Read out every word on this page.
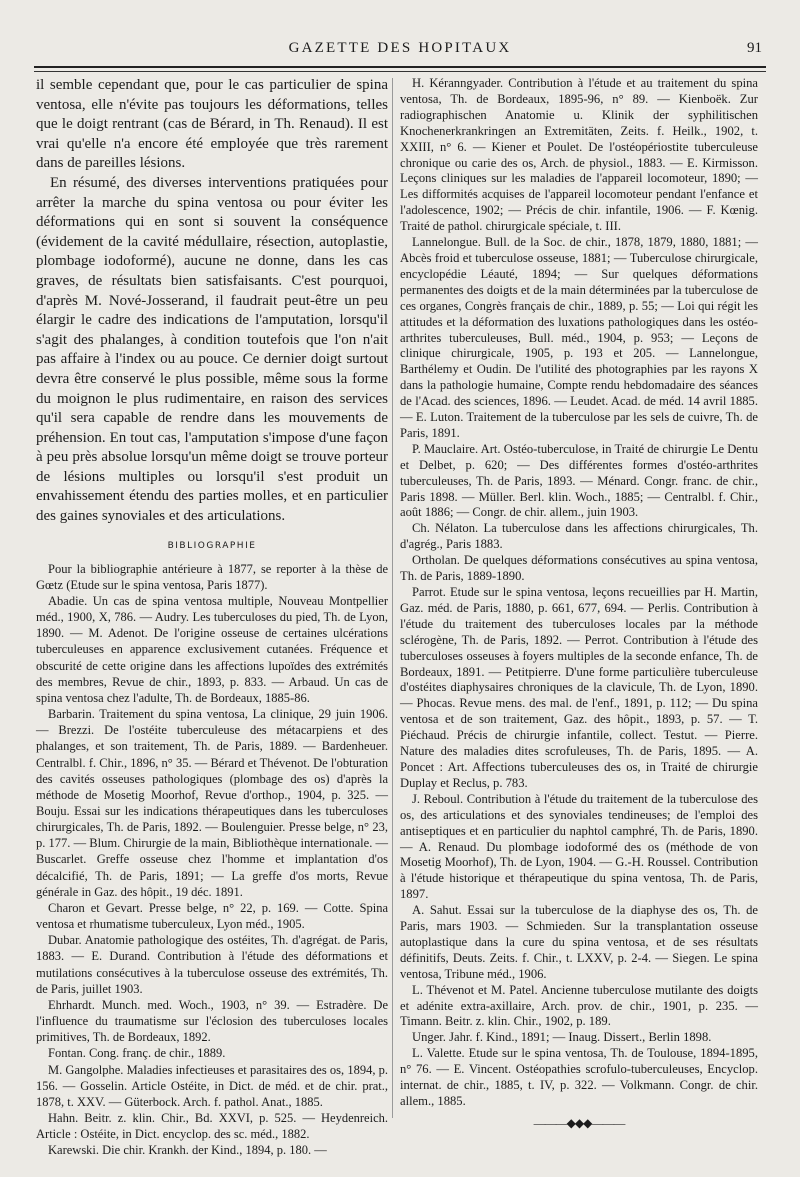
GAZETTE DES HOPITAUX	91

il semble cependant que, pour le cas particulier de spina ventosa, elle n'évite pas toujours les déformations, telles que le doigt rentrant (cas de Bérard, in Th. Renaud). Il est vrai qu'elle n'a encore été employée que très rarement dans de pareilles lésions.

En résumé, des diverses interventions pratiquées pour arrêter la marche du spina ventosa ou pour éviter les déformations qui en sont si souvent la conséquence (évidement de la cavité médullaire, résection, autoplastie, plombage iodoformé), aucune ne donne, dans les cas graves, de résultats bien satisfaisants. C'est pourquoi, d'après M. Nové-Josserand, il faudrait peut-être un peu élargir le cadre des indications de l'amputation, lorsqu'il s'agit des phalanges, à condition toutefois que l'on n'ait pas affaire à l'index ou au pouce. Ce dernier doigt surtout devra être conservé le plus possible, même sous la forme du moignon le plus rudimentaire, en raison des services qu'il sera capable de rendre dans les mouvements de préhension. En tout cas, l'amputation s'impose d'une façon à peu près absolue lorsqu'un même doigt se trouve porteur de lésions multiples ou lorsqu'il s'est produit un envahissement étendu des parties molles, et en particulier des gaines synoviales et des articulations.

BIBLIOGRAPHIE

Pour la bibliographie antérieure à 1877, se reporter à la thèse de Gœtz (Etude sur le spina ventosa, Paris 1877).

Abadie. Un cas de spina ventosa multiple, Nouveau Montpellier méd., 1900, X, 786. — Audry. Les tuberculoses du pied, Th. de Lyon, 1890. — M. Adenot. De l'origine osseuse de certaines ulcérations tuberculeuses en apparence exclusivement cutanées. Fréquence et obscurité de cette origine dans les affections lupoïdes des extrémités des membres, Revue de chir., 1893, p. 833. — Arbaud. Un cas de spina ventosa chez l'adulte, Th. de Bordeaux, 1885-86.

Barbarin. Traitement du spina ventosa, La clinique, 29 juin 1906. — Brezzi. De l'ostéite tuberculeuse des métacarpiens et des phalanges, et son traitement, Th. de Paris, 1889. — Bardenheuer. Centralbl. f. Chir., 1896, n° 35. — Bérard et Thévenot. De l'obturation des cavités osseuses pathologiques (plombage des os) d'après la méthode de Mosetig Moorhof, Revue d'orthop., 1904, p. 325. — Bouju. Essai sur les indications thérapeutiques dans les tuberculoses chirurgicales, Th. de Paris, 1892. — Boulenguier. Presse belge, n° 23, p. 177. — Blum. Chirurgie de la main, Bibliothèque internationale. — Buscarlet. Greffe osseuse chez l'homme et implantation d'os décalcifié, Th. de Paris, 1891; — La greffe d'os morts, Revue générale in Gaz. des hôpit., 19 déc. 1891.

Charon et Gevart. Presse belge, n° 22, p. 169. — Cotte. Spina ventosa et rhumatisme tuberculeux, Lyon méd., 1905.

Dubar. Anatomie pathologique des ostéites, Th. d'agrégat. de Paris, 1883. — E. Durand. Contribution à l'étude des déformations et mutilations consécutives à la tuberculose osseuse des extrémités, Th. de Paris, juillet 1903.

Ehrhardt. Munch. med. Woch., 1903, n° 39. — Estradère. De l'influence du traumatisme sur l'éclosion des tuberculoses locales primitives, Th. de Bordeaux, 1892.

Fontan. Cong. franç. de chir., 1889.

M. Gangolphe. Maladies infectieuses et parasitaires des os, 1894, p. 156. — Gosselin. Article Ostéite, in Dict. de méd. et de chir. prat., 1878, t. XXV. — Güterbock. Arch. f. pathol. Anat., 1885.

Hahn. Beitr. z. klin. Chir., Bd. XXVI, p. 525. — Heydenreich. Article : Ostéite, in Dict. encyclop. des sc. méd., 1882.

Karewski. Die chir. Krankh. der Kind., 1894, p. 180. —

H. Kéranngyader. Contribution à l'étude et au traitement du spina ventosa, Th. de Bordeaux, 1895-96, n° 89. — Kienboëk. Zur radiographischen Anatomie u. Klinik der syphilitischen Knochenerkrankringen an Extremitäten, Zeits. f. Heilk., 1902, t. XXIII, n° 6. — Kiener et Poulet. De l'ostéopériostite tuberculeuse chronique ou carie des os, Arch. de physiol., 1883. — E. Kirmisson. Leçons cliniques sur les maladies de l'appareil locomoteur, 1890; — Les difformités acquises de l'appareil locomoteur pendant l'enfance et l'adolescence, 1902; — Précis de chir. infantile, 1906. — F. Kœnig. Traité de pathol. chirurgicale spéciale, t. III.

Lannelongue. Bull. de la Soc. de chir., 1878, 1879, 1880, 1881; — Abcès froid et tuberculose osseuse, 1881; — Tuberculose chirurgicale, encyclopédie Léauté, 1894; — Sur quelques déformations permanentes des doigts et de la main déterminées par la tuberculose de ces organes, Congrès français de chir., 1889, p. 55; — Loi qui régit les attitudes et la déformation des luxations pathologiques dans les ostéo-arthrites tuberculeuses, Bull. méd., 1904, p. 953; — Leçons de clinique chirurgicale, 1905, p. 193 et 205. — Lannelongue, Barthélemy et Oudin. De l'utilité des photographies par les rayons X dans la pathologie humaine, Compte rendu hebdomadaire des séances de l'Acad. des sciences, 1896. — Leudet. Acad. de méd. 14 avril 1885. — E. Luton. Traitement de la tuberculose par les sels de cuivre, Th. de Paris, 1891.

P. Mauclaire. Art. Ostéo-tuberculose, in Traité de chirurgie Le Dentu et Delbet, p. 620; — Des différentes formes d'ostéo-arthrites tuberculeuses, Th. de Paris, 1893. — Ménard. Congr. franc. de chir., Paris 1898. — Müller. Berl. klin. Woch., 1885; — Centralbl. f. Chir., août 1886; — Congr. de chir. allem., juin 1903.

Ch. Nélaton. La tuberculose dans les affections chirurgicales, Th. d'agrég., Paris 1883.

Ortholan. De quelques déformations consécutives au spina ventosa, Th. de Paris, 1889-1890.

Parrot. Etude sur le spina ventosa, leçons recueillies par H. Martin, Gaz. méd. de Paris, 1880, p. 661, 677, 694. — Perlis. Contribution à l'étude du traitement des tuberculoses locales par la méthode sclérogène, Th. de Paris, 1892. — Perrot. Contribution à l'étude des tuberculoses osseuses à foyers multiples de la seconde enfance, Th. de Bordeaux, 1891. — Petitpierre. D'une forme particulière tuberculeuse d'ostéites diaphysaires chroniques de la clavicule, Th. de Lyon, 1890. — Phocas. Revue mens. des mal. de l'enf., 1891, p. 112; — Du spina ventosa et de son traitement, Gaz. des hôpit., 1893, p. 57. — T. Piéchaud. Précis de chirurgie infantile, collect. Testut. — Pierre. Nature des maladies dites scrofuleuses, Th. de Paris, 1895. — A. Poncet : Art. Affections tuberculeuses des os, in Traité de chirurgie Duplay et Reclus, p. 783.

J. Reboul. Contribution à l'étude du traitement de la tuberculose des os, des articulations et des synoviales tendineuses; de l'emploi des antiseptiques et en particulier du naphtol camphré, Th. de Paris, 1890. — A. Renaud. Du plombage iodoformé des os (méthode de von Mosetig Moorhof), Th. de Lyon, 1904. — G.-H. Roussel. Contribution à l'étude historique et thérapeutique du spina ventosa, Th. de Paris, 1897.

A. Sahut. Essai sur la tuberculose de la diaphyse des os, Th. de Paris, mars 1903. — Schmieden. Sur la transplantation osseuse autoplastique dans la cure du spina ventosa, et de ses résultats définitifs, Deuts. Zeits. f. Chir., t. LXXV, p. 2-4. — Siegen. Le spina ventosa, Tribune méd., 1906.

L. Thévenot et M. Patel. Ancienne tuberculose mutilante des doigts et adénite extra-axillaire, Arch. prov. de chir., 1901, p. 235. — Timann. Beitr. z. klin. Chir., 1902, p. 189.

Unger. Jahr. f. Kind., 1891; — Inaug. Dissert., Berlin 1898.

L. Valette. Etude sur le spina ventosa, Th. de Toulouse, 1894-1895, n° 76. — E. Vincent. Ostéopathies scrofulo-tuberculeuses, Encyclop. internat. de chir., 1885, t. IV, p. 322. — Volkmann. Congr. de chir. allem., 1885.

———◆◆◆———
